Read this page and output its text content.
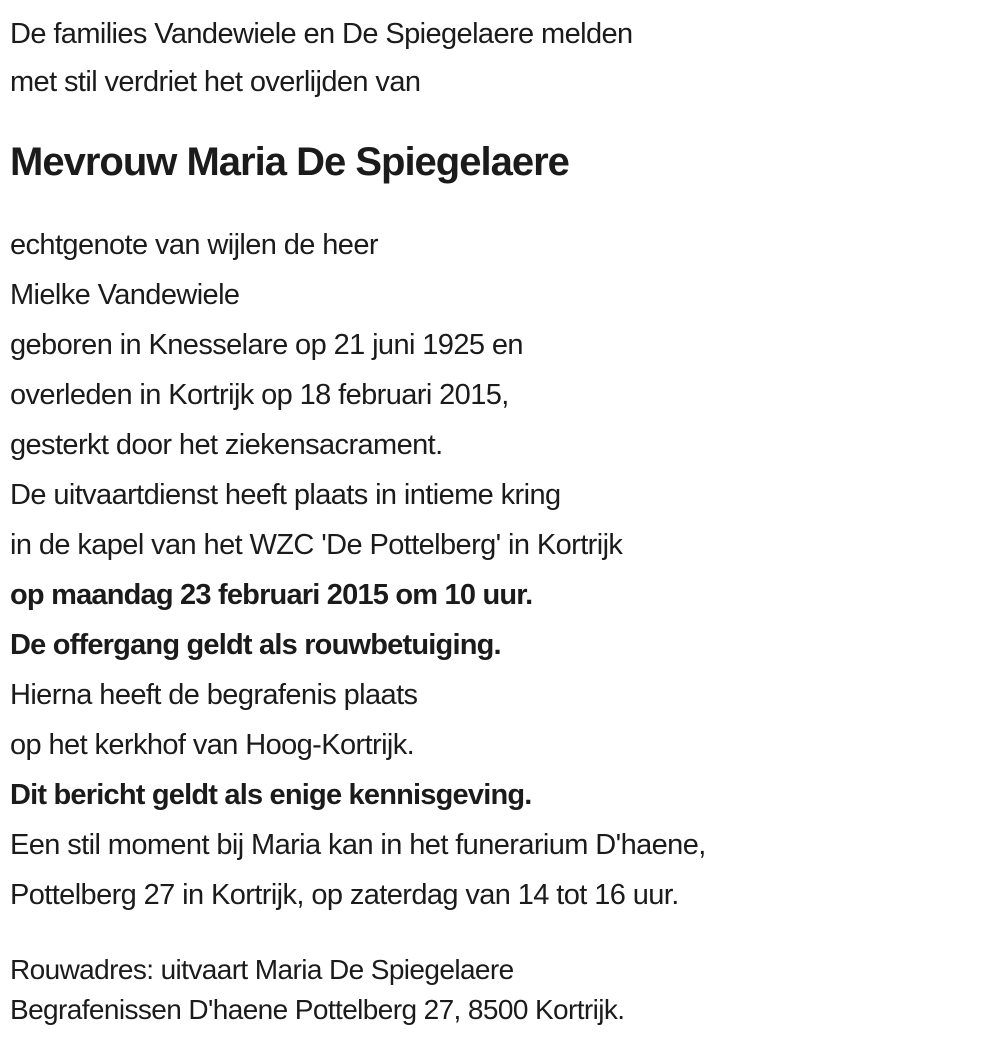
De families Vandewiele en De Spiegelaere melden
met stil verdriet het overlijden van
Mevrouw Maria De Spiegelaere
echtgenote van wijlen de heer
Mielke Vandewiele
geboren in Knesselare op 21 juni 1925 en
overleden in Kortrijk op 18 februari 2015,
gesterkt door het ziekensacrament.
De uitvaartdienst heeft plaats in intieme kring
in de kapel van het WZC 'De Pottelberg' in Kortrijk
op maandag 23 februari 2015 om 10 uur.
De offergang geldt als rouwbetuiging.
Hierna heeft de begrafenis plaats
op het kerkhof van Hoog-Kortrijk.
Dit bericht geldt als enige kennisgeving.
Een stil moment bij Maria kan in het funerarium D'haene,
Pottelberg 27 in Kortrijk, op zaterdag van 14 tot 16 uur.
Rouwadres: uitvaart Maria De Spiegelaere
Begrafenissen D'haene Pottelberg 27, 8500 Kortrijk.
